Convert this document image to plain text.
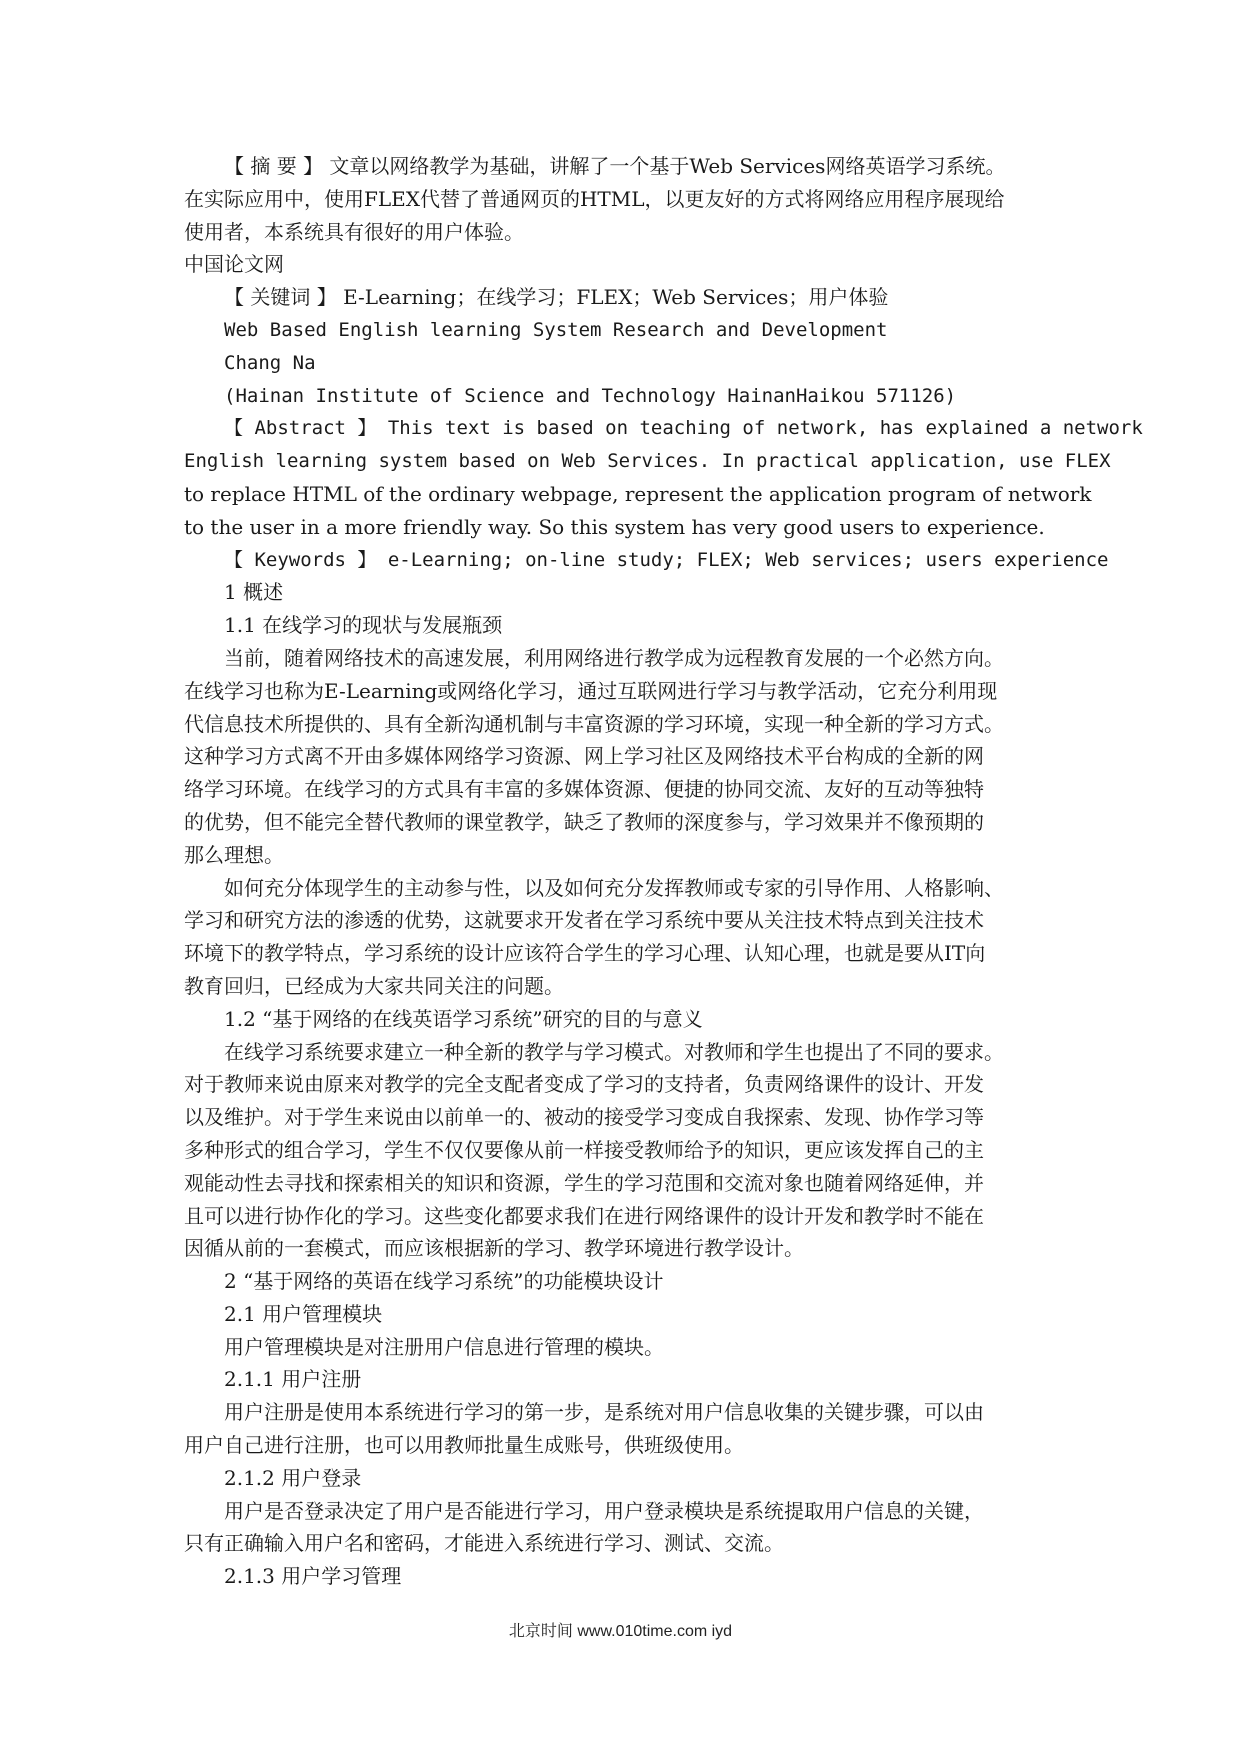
【 摘 要 】 文章以网络教学为基础，讲解了一个基于Web Services网络英语学习系统。
在实际应用中，使用FLEX代替了普通网页的HTML，以更友好的方式将网络应用程序展现给
使用者，本系统具有很好的用户体验。
中国论文网
【 关键词 】 E-Learning；在线学习；FLEX；Web Services；用户体验
Web Based English learning System Research and Development
Chang Na
(Hainan Institute of Science and Technology HainanHaikou 571126)
【 Abstract 】 This text is based on teaching of network, has explained a network
English learning system based on Web Services. In practical application, use FLEX
to replace HTML of the ordinary webpage, represent the application program of network
to the user in a more friendly way. So this system has very good users to experience.
【 Keywords 】 e-Learning; on-line study; FLEX; Web services; users experience
1 概述
1.1 在线学习的现状与发展瓶颈
当前，随着网络技术的高速发展，利用网络进行教学成为远程教育发展的一个必然方向。
在线学习也称为E-Learning或网络化学习，通过互联网进行学习与教学活动，它充分利用现
代信息技术所提供的、具有全新沟通机制与丰富资源的学习环境，实现一种全新的学习方式。
这种学习方式离不开由多媒体网络学习资源、网上学习社区及网络技术平台构成的全新的网
络学习环境。在线学习的方式具有丰富的多媒体资源、便捷的协同交流、友好的互动等独特
的优势，但不能完全替代教师的课堂教学，缺乏了教师的深度参与，学习效果并不像预期的
那么理想。
如何充分体现学生的主动参与性，以及如何充分发挥教师或专家的引导作用、人格影响、
学习和研究方法的渗透的优势，这就要求开发者在学习系统中要从关注技术特点到关注技术
环境下的教学特点，学习系统的设计应该符合学生的学习心理、认知心理，也就是要从IT向
教育回归，已经成为大家共同关注的问题。
1.2 “基于网络的在线英语学习系统”研究的目的与意义
在线学习系统要求建立一种全新的教学与学习模式。对教师和学生也提出了不同的要求。
对于教师来说由原来对教学的完全支配者变成了学习的支持者，负责网络课件的设计、开发
以及维护。对于学生来说由以前单一的、被动的接受学习变成自我探索、发现、协作学习等
多种形式的组合学习，学生不仅仅要像从前一样接受教师给予的知识，更应该发挥自己的主
观能动性去寻找和探索相关的知识和资源，学生的学习范围和交流对象也随着网络延伸，并
且可以进行协作化的学习。这些变化都要求我们在进行网络课件的设计开发和教学时不能在
因循从前的一套模式，而应该根据新的学习、教学环境进行教学设计。
2 “基于网络的英语在线学习系统”的功能模块设计
2.1 用户管理模块
用户管理模块是对注册用户信息进行管理的模块。
2.1.1 用户注册
用户注册是使用本系统进行学习的第一步，是系统对用户信息收集的关键步骤，可以由
用户自己进行注册，也可以用教师批量生成账号，供班级使用。
2.1.2 用户登录
用户是否登录决定了用户是否能进行学习，用户登录模块是系统提取用户信息的关键，
只有正确输入用户名和密码，才能进入系统进行学习、测试、交流。
2.1.3 用户学习管理
北京时间 www.010time.com iyd
